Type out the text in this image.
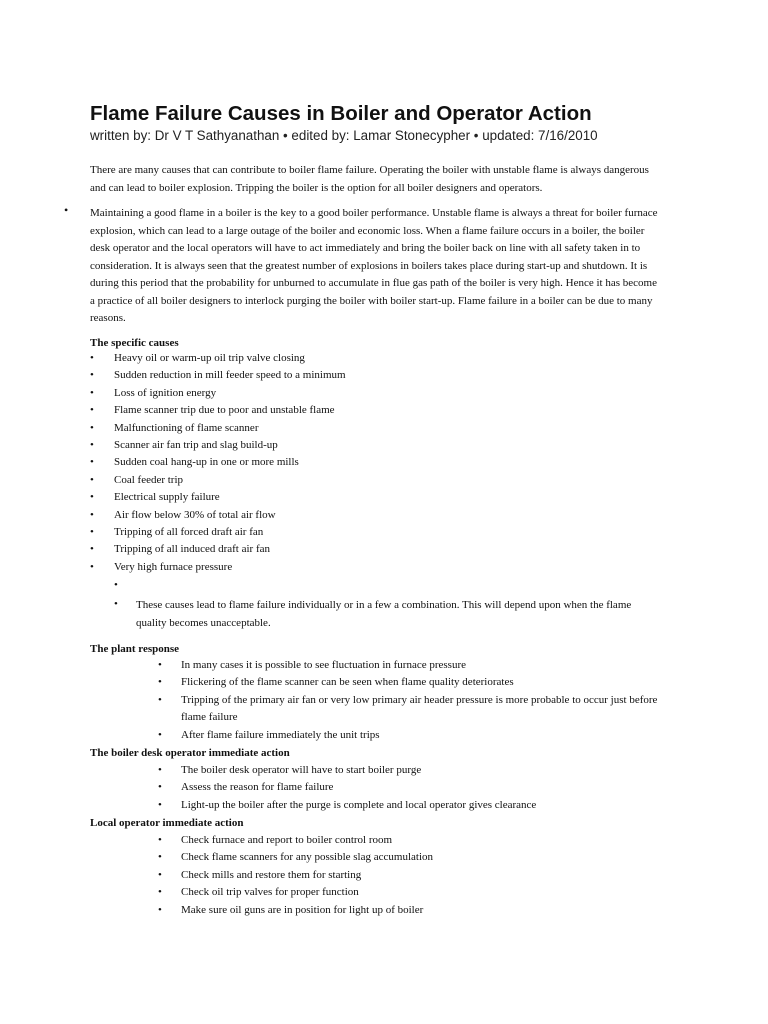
Flame Failure Causes in Boiler and Operator Action
written by: Dr V T Sathyanathan • edited by: Lamar Stonecypher • updated: 7/16/2010
There are many causes that can contribute to boiler flame failure. Operating the boiler with unstable flame is always dangerous
and can lead to boiler explosion. Tripping the boiler is the option for all boiler designers and operators.
• Maintaining a good flame in a boiler is the key to a good boiler performance. Unstable flame is always a threat for boiler furnace
explosion, which can lead to a large outage of the boiler and economic loss. When a flame failure occurs in a boiler, the boiler
desk operator and the local operators will have to act immediately and bring the boiler back on line with all safety taken in to
consideration. It is always seen that the greatest number of explosions in boilers takes place during start-up and shutdown. It is
during this period that the probability for unburned to accumulate in flue gas path of the boiler is very high. Hence it has become
a practice of all boiler designers to interlock purging the boiler with boiler start-up. Flame failure in a boiler can be due to many
reasons.
The specific causes
• Heavy oil or warm-up oil trip valve closing
• Sudden reduction in mill feeder speed to a minimum
• Loss of ignition energy
• Flame scanner trip due to poor and unstable flame
• Malfunctioning of flame scanner
• Scanner air fan trip and slag build-up
• Sudden coal hang-up in one or more mills
• Coal feeder trip
• Electrical supply failure
• Air flow below 30% of total air flow
• Tripping of all forced draft air fan
• Tripping of all induced draft air fan
• Very high furnace pressure
•
• These causes lead to flame failure individually or in a few a combination. This will depend upon when the flame
quality becomes unacceptable.
The plant response
• In many cases it is possible to see fluctuation in furnace pressure
• Flickering of the flame scanner can be seen when flame quality deteriorates
• Tripping of the primary air fan or very low primary air header pressure is more probable to occur just before
flame failure
• After flame failure immediately the unit trips
The boiler desk operator immediate action
• The boiler desk operator will have to start boiler purge
• Assess the reason for flame failure
• Light-up the boiler after the purge is complete and local operator gives clearance
Local operator immediate action
• Check furnace and report to boiler control room
• Check flame scanners for any possible slag accumulation
• Check mills and restore them for starting
• Check oil trip valves for proper function
• Make sure oil guns are in position for light up of boiler
